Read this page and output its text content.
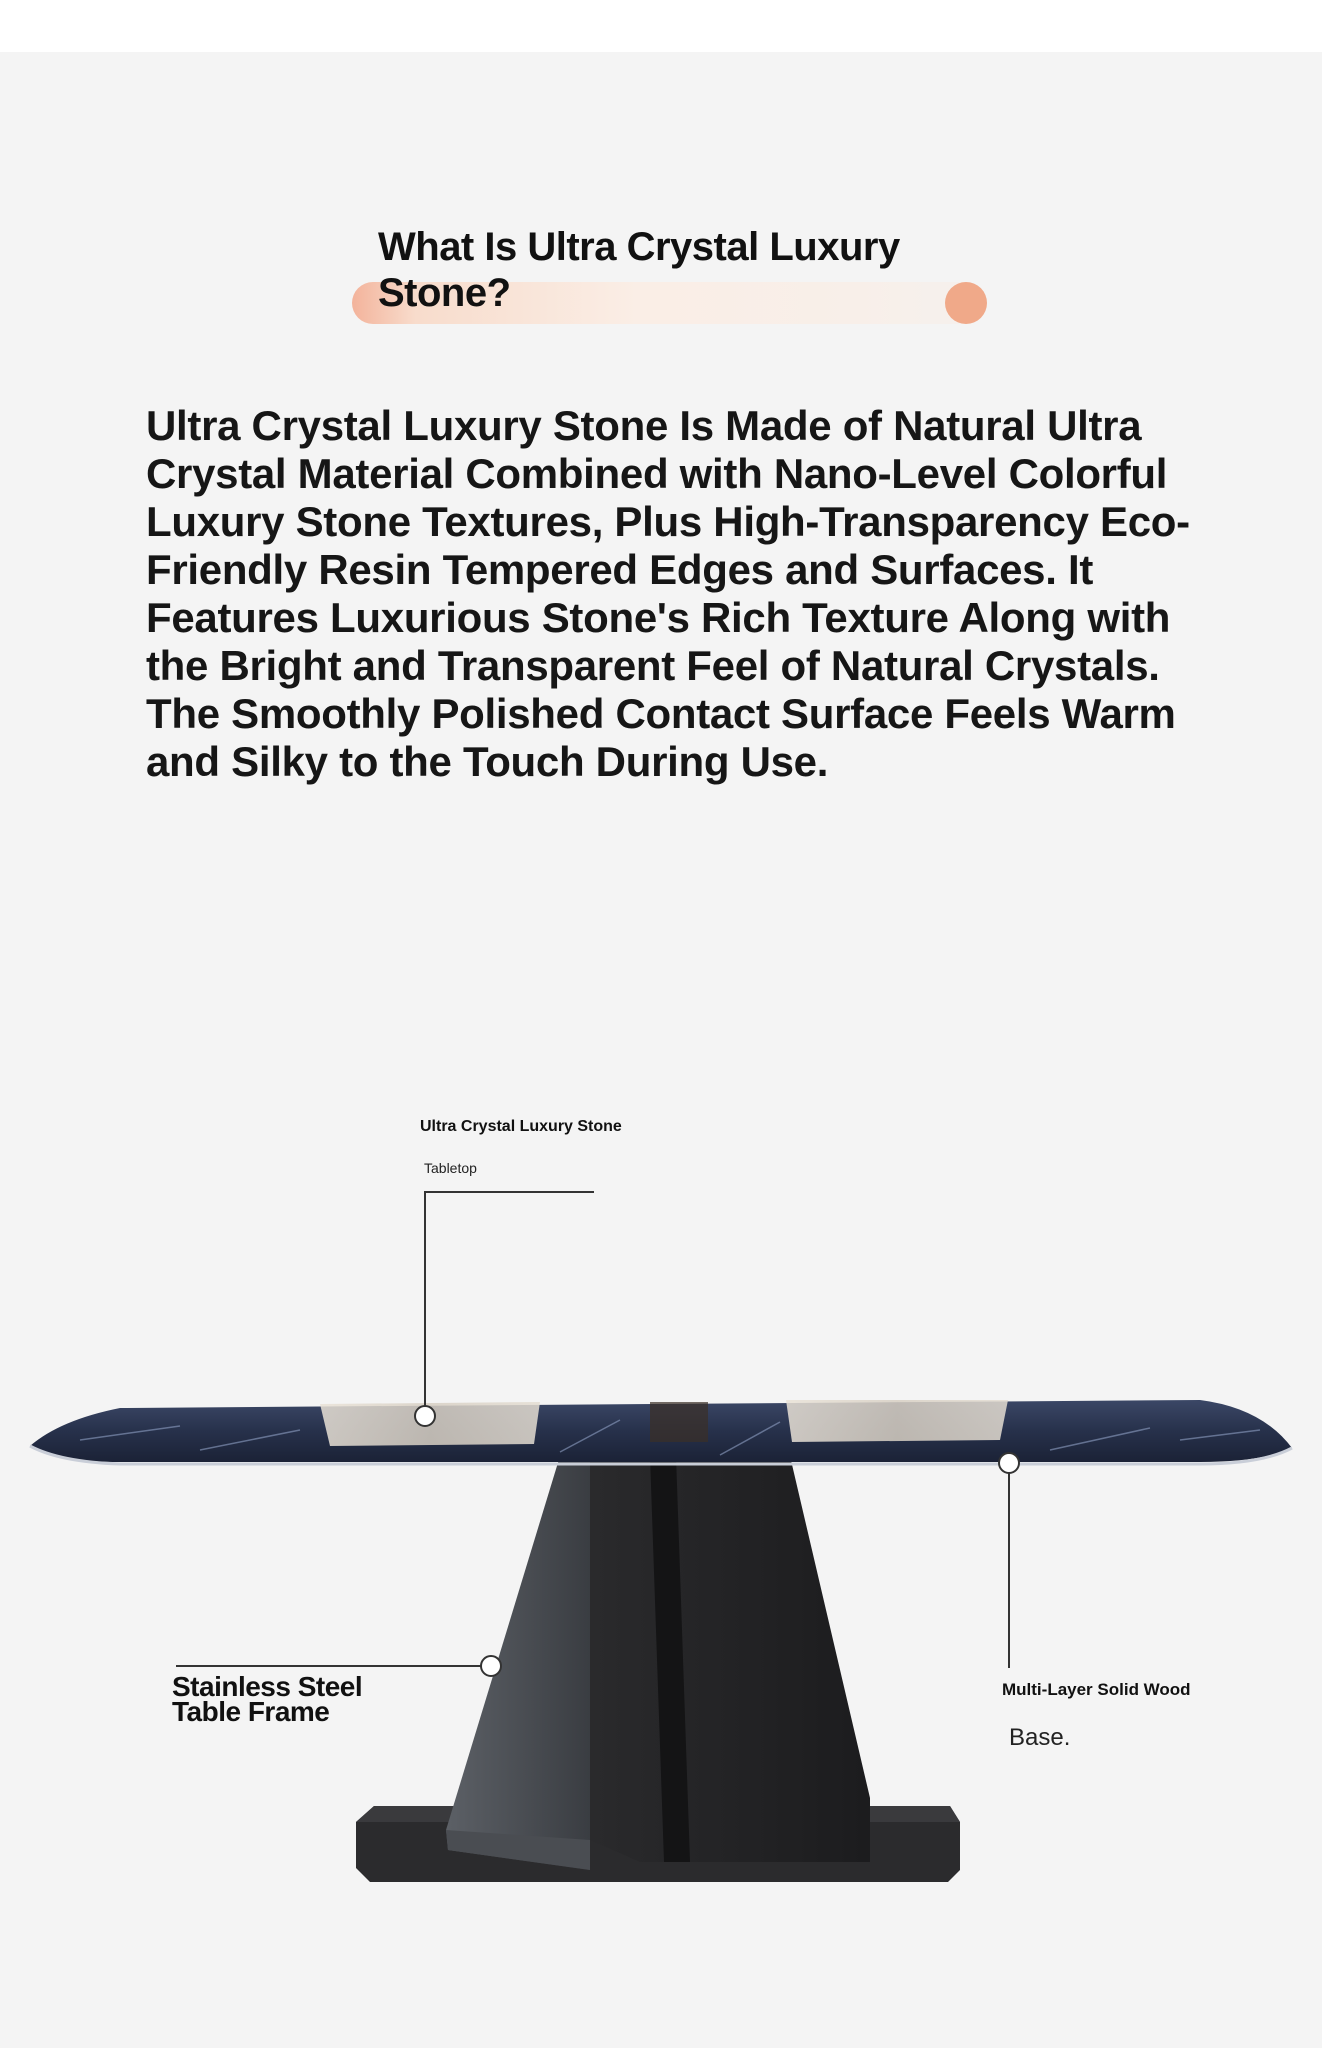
What Is Ultra Crystal Luxury Stone?

Ultra Crystal Luxury Stone Is Made of Natural Ultra Crystal Material Combined with Nano-Level Colorful Luxury Stone Textures, Plus High-Transparency Eco-Friendly Resin Tempered Edges and Surfaces. It Features Luxurious Stone's Rich Texture Along with the Bright and Transparent Feel of Natural Crystals. The Smoothly Polished Contact Surface Feels Warm and Silky to the Touch During Use.

Ultra Crystal Luxury Stone

Tabletop

Stainless Steel Table Frame

Multi-Layer Solid Wood

Base.
